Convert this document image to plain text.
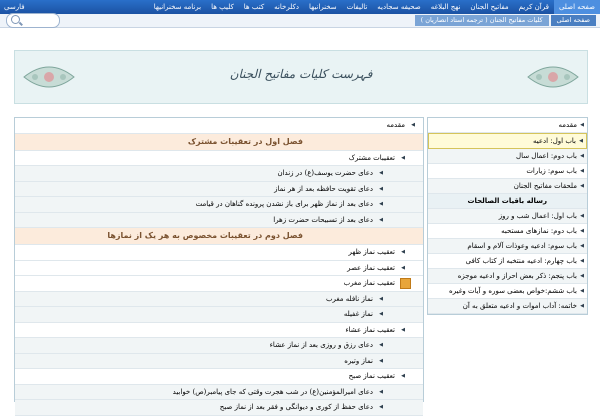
صفحه اصلی
قرآن کریم
مفاتیح الجنان
نهج البلاغه
صحیفه سجادیه
تالیفات
سخنرانیها
دکلرخانه
کتب ها
کلیپ ها
برنامه سخنرانیها
فارسی
صفحه اصلی
کلیات مفاتیح الجنان ( ترجمه استاد انصاریان )
فہرست کلیات مفاتیح الجنان
◀
مقدمه
◀
باب اول: ادعیه
◀
باب دوم: اعمال سال
◀
باب سوم: زیارات
◀
ملحقات مفاتیح الجنان
رساله باقیات الصالحات
◀
باب اول: اعمال شب و روز
◀
باب دوم: نمازهای مستحبه
◀
باب سوم: ادعیه وعوذات آلام و اسقام
◀
باب چهارم: ادعیه منتخبه از کتاب کافی
◀
باب پنجم: ذکر بعض احراز و ادعیه موجزه
◀
باب ششم:خواص بعضی سوره و آیات وغیره
◀
خاتمه: آداب اموات و ادعیه متعلق به آن
◀
مقدمه
فصل اول در تعقیبات مشترک
◀
تعقیبات مشترک
◀
دعای حضرت یوسف(ع) در زندان
◀
دعای تقویت حافظه بعد از هر نماز
◀
دعای بعد از نماز ظهر برای باز نشدن پرونده گناهان در قیامت
◀
دعای بعد از تسبیحات حضرت زهرا
فصل دوم در تعقیبات مخصوص به هر یک از نمازها
◀
تعقیب نماز ظهر
◀
تعقیب نماز عصر
تعقیب نماز مغرب
◀
نماز نافله مغرب
◀
نماز غفیله
◀
تعقیب نماز عشاء
◀
دعای رزق و روزی بعد از نماز عشاء
◀
نماز وتیره
◀
تعقیب نماز صبح
◀
دعای امیرالمؤمنین(ع) در شب هجرت وقتی که جای پیامبر(ص) خوابید
◀
دعای حفظ از کوری و دیوانگی و فقر بعد از نماز صبح
